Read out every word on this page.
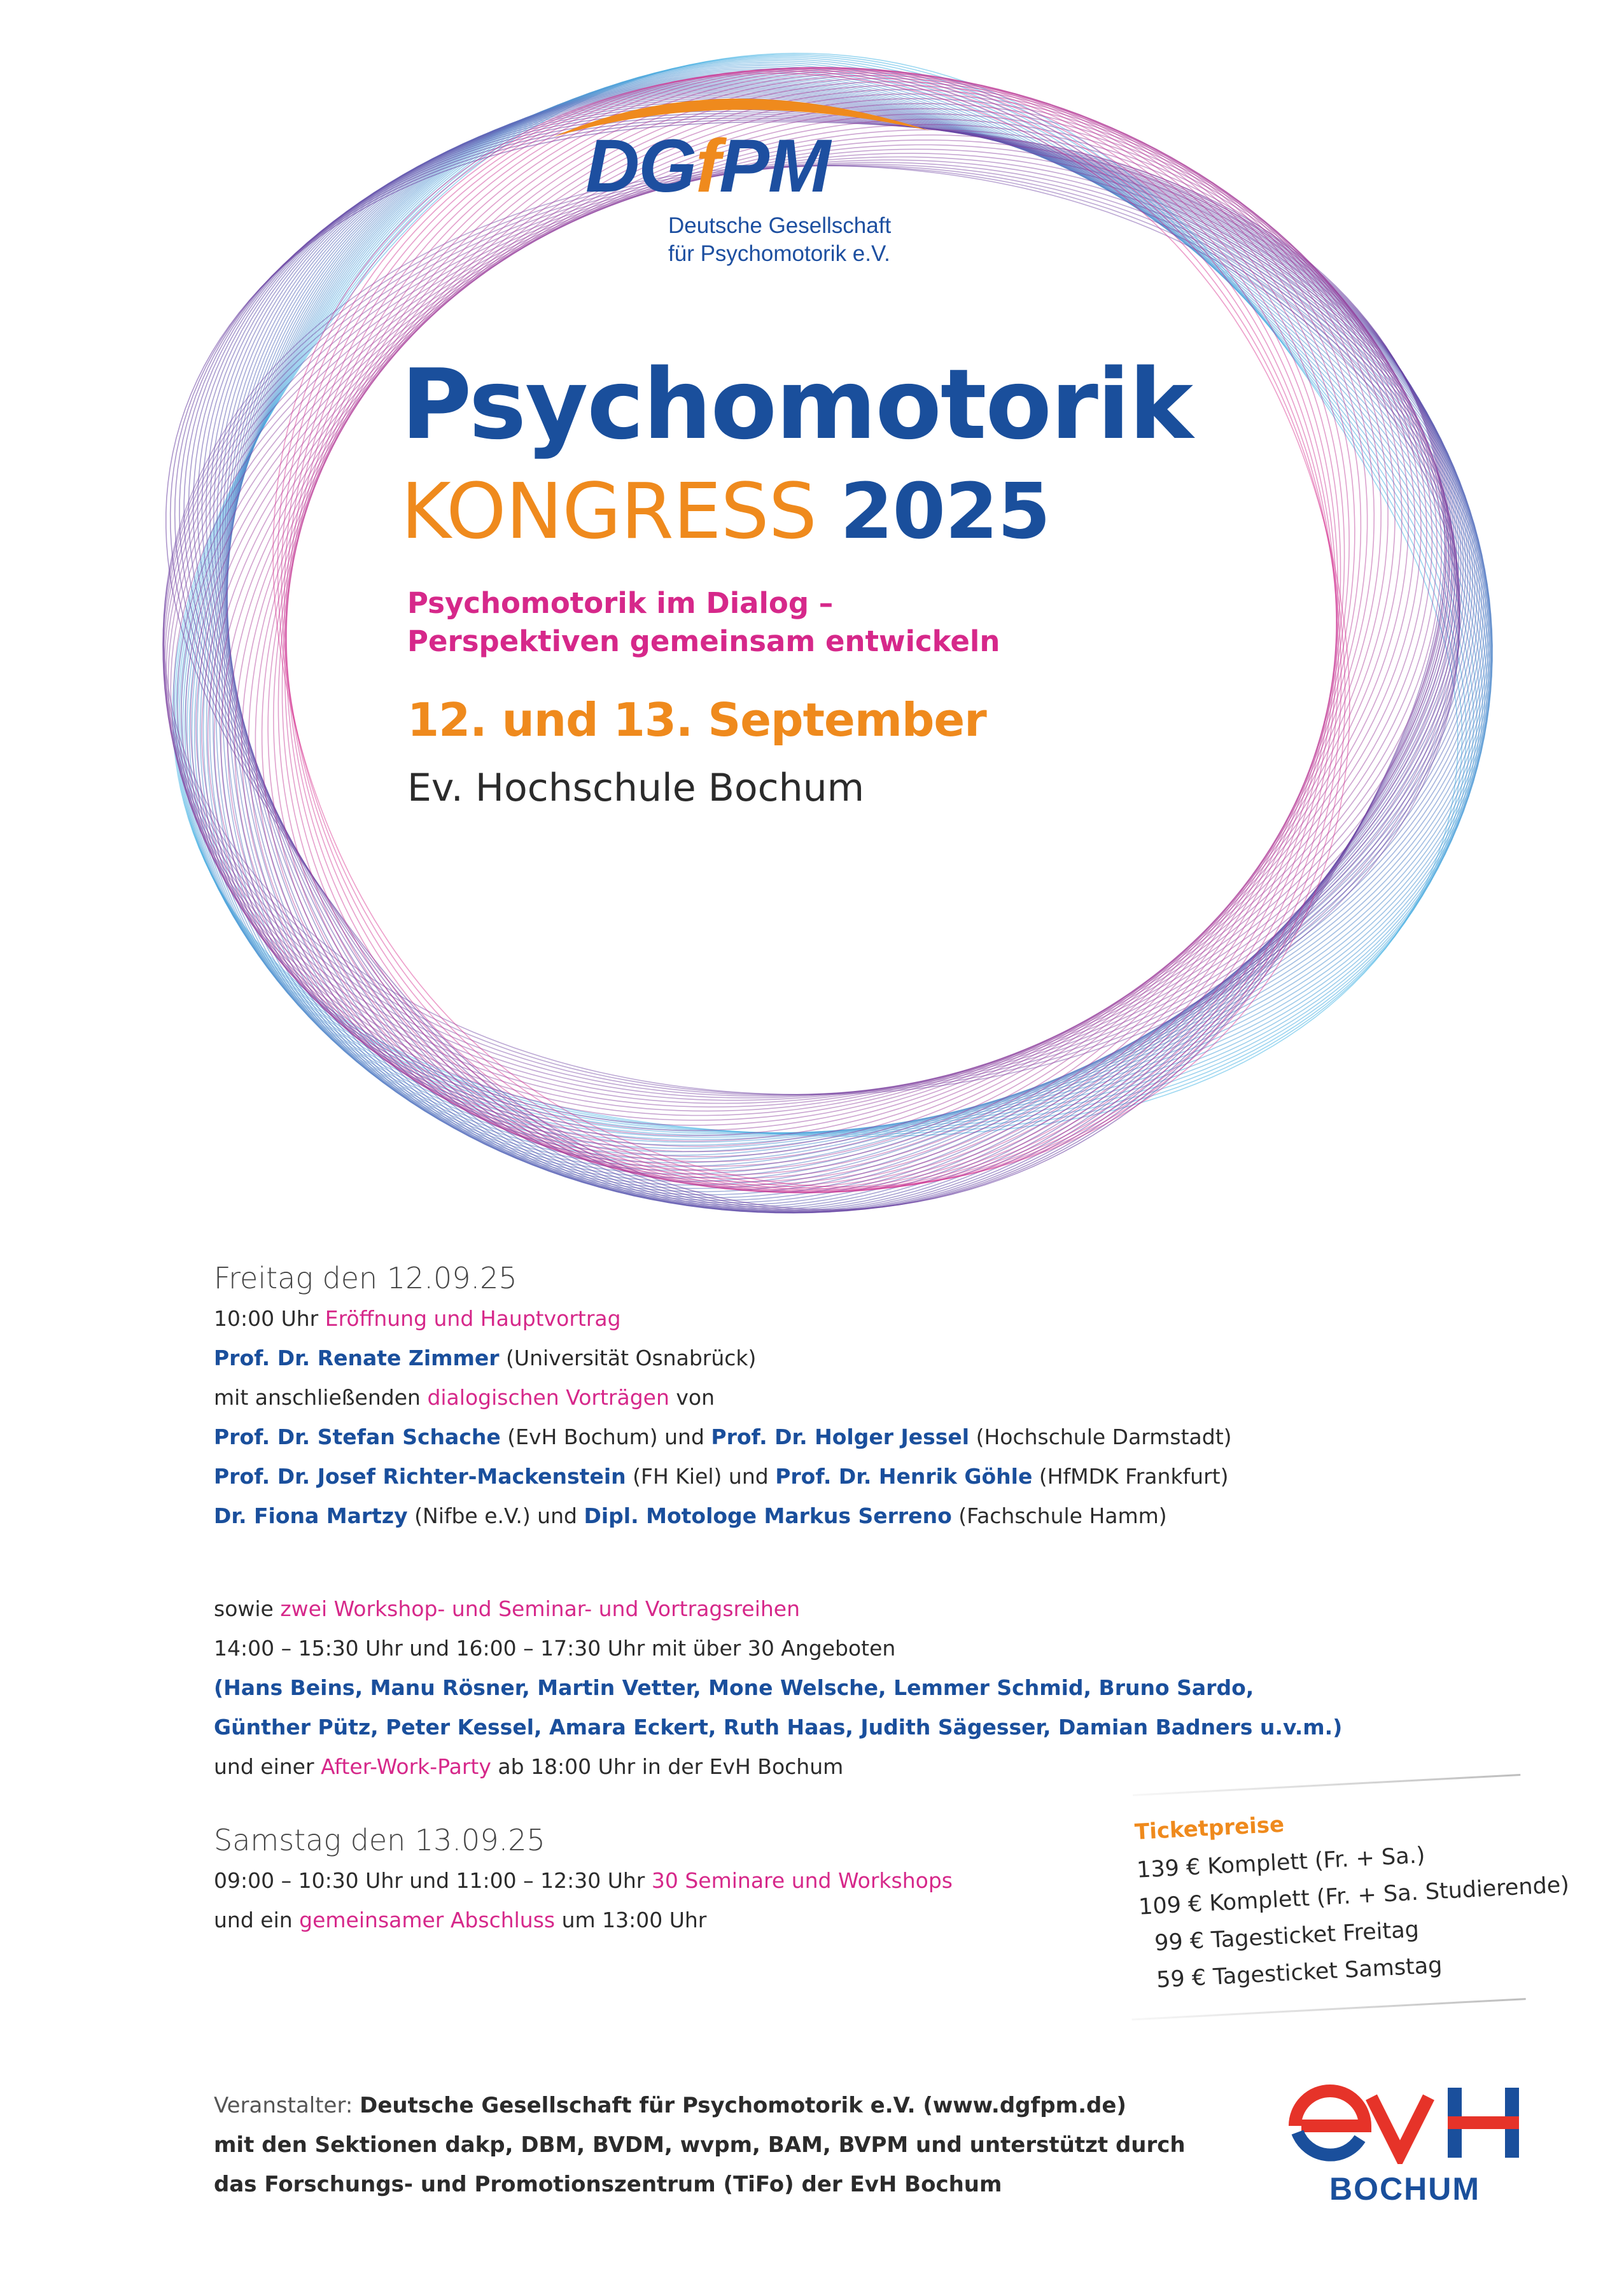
DGfPM

Deutsche Gesellschaft
für Psychomotorik e.V.

Psychomotorik

KONGRESS 2025

Psychomotorik im Dialog –
Perspektiven gemeinsam entwickeln

12. und 13. September

Ev. Hochschule Bochum

Freitag den 12.09.25

10:00 Uhr Eröffnung und Hauptvortrag

Prof. Dr. Renate Zimmer (Universität Osnabrück)

mit anschließenden dialogischen Vorträgen von

Prof. Dr. Stefan Schache (EvH Bochum) und Prof. Dr. Holger Jessel (Hochschule Darmstadt)

Prof. Dr. Josef Richter-Mackenstein (FH Kiel) und Prof. Dr. Henrik Göhle (HfMDK Frankfurt)

Dr. Fiona Martzy (Nifbe e.V.) und Dipl. Motologe Markus Serreno (Fachschule Hamm)

sowie zwei Workshop- und Seminar- und Vortragsreihen

14:00 – 15:30 Uhr und 16:00 – 17:30 Uhr mit über 30 Angeboten

(Hans Beins, Manu Rösner, Martin Vetter, Mone Welsche, Lemmer Schmid, Bruno Sardo,

Günther Pütz, Peter Kessel, Amara Eckert, Ruth Haas, Judith Sägesser, Damian Badners u.v.m.)

und einer After-Work-Party ab 18:00 Uhr in der EvH Bochum

Samstag den 13.09.25

09:00 – 10:30 Uhr und 11:00 – 12:30 Uhr 30 Seminare und Workshops

und ein gemeinsamer Abschluss um 13:00 Uhr

Ticketpreise

139 € Komplett (Fr. + Sa.)

109 € Komplett (Fr. + Sa. Studierende)

99 € Tagesticket Freitag

59 € Tagesticket Samstag

Veranstalter: Deutsche Gesellschaft für Psychomotorik e.V. (www.dgfpm.de)

mit den Sektionen dakp, DBM, BVDM, wvpm, BAM, BVPM und unterstützt durch

das Forschungs- und Promotionszentrum (TiFo) der EvH Bochum	BOCHUM
